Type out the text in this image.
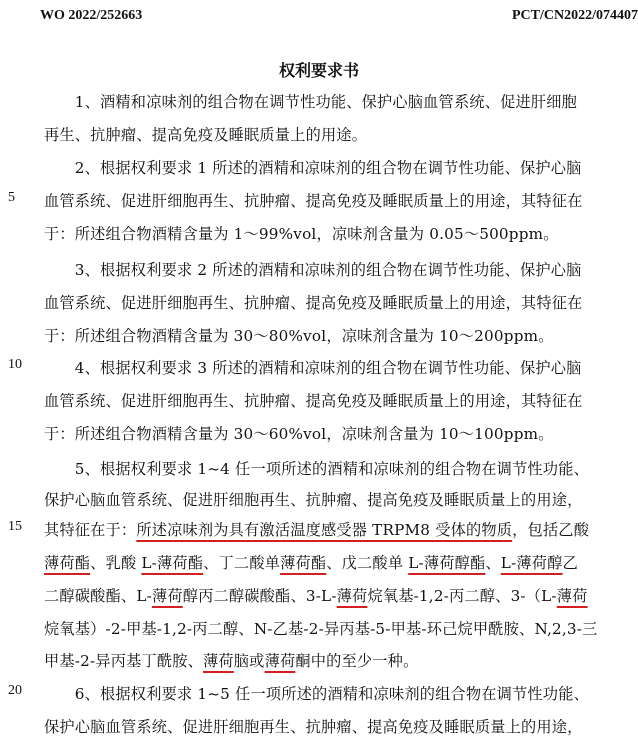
WO 2022/252663	PCT/CN2022/074407
权利要求书
5
10
15
20
　　1、酒精和凉味剂的组合物在调节性功能、保护心脑血管系统、促进肝细胞
再生、抗肿瘤、提高免疫及睡眠质量上的用途。
　　2、根据权利要求 1 所述的酒精和凉味剂的组合物在调节性功能、保护心脑
血管系统、促进肝细胞再生、抗肿瘤、提高免疫及睡眠质量上的用途，其特征在
于：所述组合物酒精含量为 1～99%vol，凉味剂含量为 0.05～500ppm。
　　3、根据权利要求 2 所述的酒精和凉味剂的组合物在调节性功能、保护心脑
血管系统、促进肝细胞再生、抗肿瘤、提高免疫及睡眠质量上的用途，其特征在
于：所述组合物酒精含量为 30～80%vol，凉味剂含量为 10～200ppm。
　　4、根据权利要求 3 所述的酒精和凉味剂的组合物在调节性功能、保护心脑
血管系统、促进肝细胞再生、抗肿瘤、提高免疫及睡眠质量上的用途，其特征在
于：所述组合物酒精含量为 30～60%vol，凉味剂含量为 10～100ppm。
　　5、根据权利要求 1~4 任一项所述的酒精和凉味剂的组合物在调节性功能、
保护心脑血管系统、促进肝细胞再生、抗肿瘤、提高免疫及睡眠质量上的用途，
其特征在于：所述凉味剂为具有激活温度感受器 TRPM8 受体的物质，包括乙酸
薄荷酯、乳酸 L-薄荷酯、丁二酸单薄荷酯、戊二酸单 L-薄荷醇酯、L-薄荷醇乙
二醇碳酸酯、L-薄荷醇丙二醇碳酸酯、3-L-薄荷烷氧基-1,2-丙二醇、3-（L-薄荷
烷氧基）-2-甲基-1,2-丙二醇、N-乙基-2-异丙基-5-甲基-环己烷甲酰胺、N,2,3-三
甲基-2-异丙基丁酰胺、薄荷脑或薄荷酮中的至少一种。
　　6、根据权利要求 1~5 任一项所述的酒精和凉味剂的组合物在调节性功能、
保护心脑血管系统、促进肝细胞再生、抗肿瘤、提高免疫及睡眠质量上的用途，
